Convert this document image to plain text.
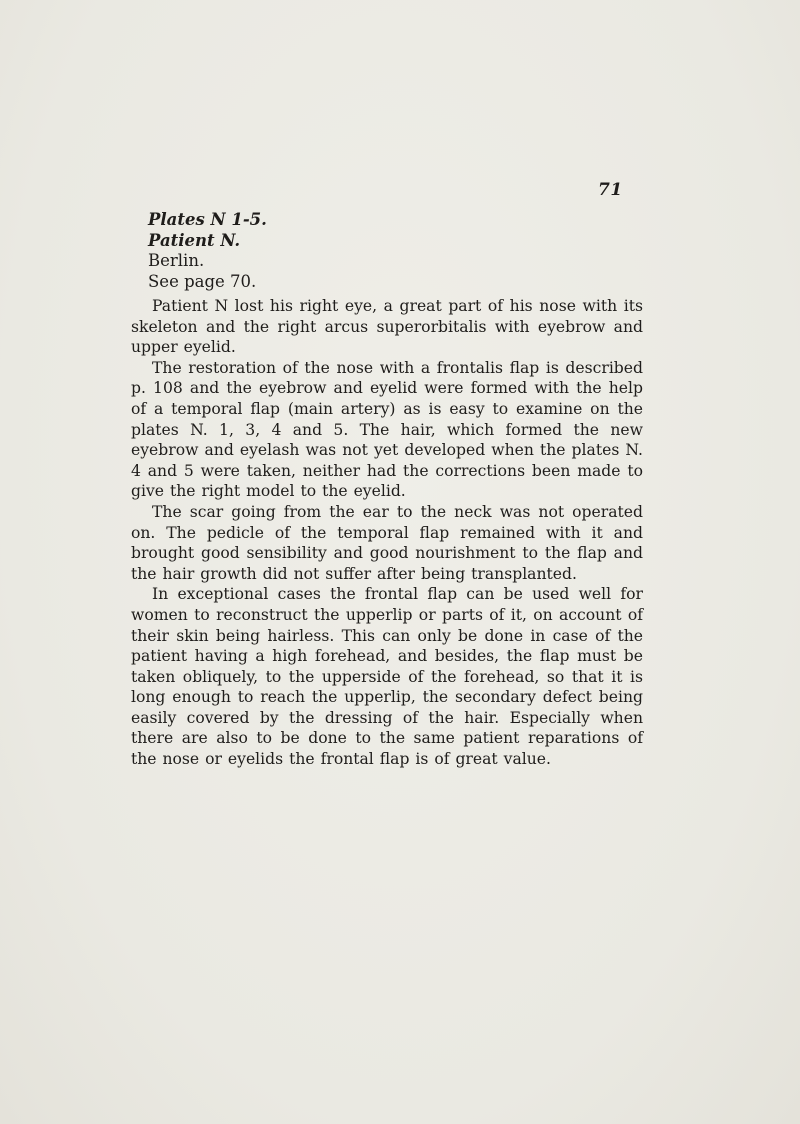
71
Plates N 1-5.
Patient N.
Berlin.
See page 70.

Patient N lost his right eye, a great part of his nose with its skeleton and the right arcus superorbitalis with eyebrow and upper eyelid.

The restoration of the nose with a frontalis flap is described p. 108 and the eyebrow and eyelid were formed with the help of a temporal flap (main artery) as is easy to examine on the plates N. 1, 3, 4 and 5. The hair, which formed the new eyebrow and eyelash was not yet developed when the plates N. 4 and 5 were taken, neither had the corrections been made to give the right model to the eyelid.

The scar going from the ear to the neck was not operated on. The pedicle of the temporal flap remained with it and brought good sensibility and good nourishment to the flap and the hair growth did not suffer after being transplanted.

In exceptional cases the frontal flap can be used well for women to reconstruct the upperlip or parts of it, on account of their skin being hairless. This can only be done in case of the patient having a high forehead, and besides, the flap must be taken obliquely, to the upperside of the forehead, so that it is long enough to reach the upperlip, the secondary defect being easily covered by the dressing of the hair. Especially when there are also to be done to the same patient reparations of the nose or eyelids the frontal flap is of great value.
